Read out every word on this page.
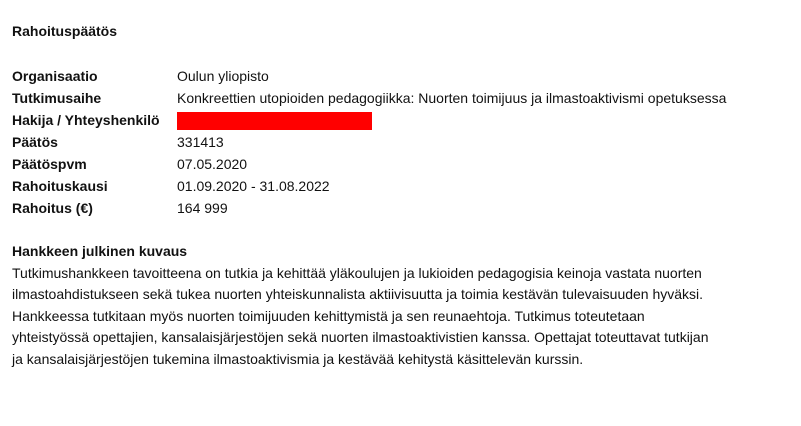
Rahoituspäätös
Organisaatio	Oulun yliopisto
Tutkimusaihe	Konkreettien utopioiden pedagogiikka: Nuorten toimijuus ja ilmastoaktivismi opetuksessa
Hakija / Yhteyshenkilö
Päätös	331413
Päätöspvm	07.05.2020
Rahoituskausi	01.09.2020 - 31.08.2022
Rahoitus (€)	164 999
Hankkeen julkinen kuvaus
Tutkimushankkeen tavoitteena on tutkia ja kehittää yläkoulujen ja lukioiden pedagogisia keinoja vastata nuorten
ilmastoahdistukseen sekä tukea nuorten yhteiskunnalista aktiivisuutta ja toimia kestävän tulevaisuuden hyväksi.
Hankkeessa tutkitaan myös nuorten toimijuuden kehittymistä ja sen reunaehtoja. Tutkimus toteutetaan
yhteistyössä opettajien, kansalaisjärjestöjen sekä nuorten ilmastoaktivistien kanssa. Opettajat toteuttavat tutkijan
ja kansalaisjärjestöjen tukemina ilmastoaktivismia ja kestävää kehitystä käsittelevän kurssin.
